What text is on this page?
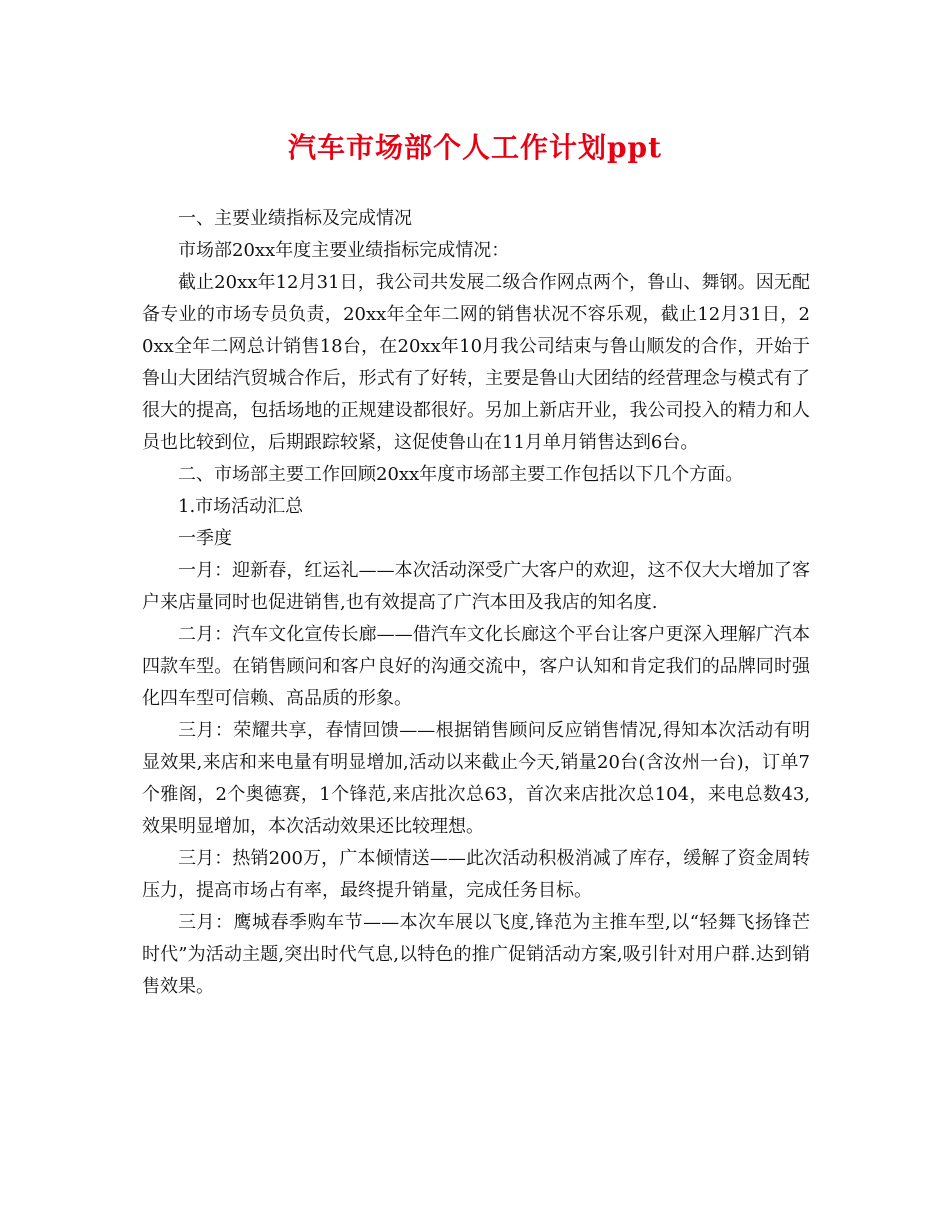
汽车市场部个人工作计划ppt

一、主要业绩指标及完成情况

市场部20xx年度主要业绩指标完成情况：

截止20xx年12月31日，我公司共发展二级合作网点两个，鲁山、舞钢。因无配备专业的市场专员负责，20xx年全年二网的销售状况不容乐观，截止12月31日，20xx全年二网总计销售18台，在20xx年10月我公司结束与鲁山顺发的合作，开始于鲁山大团结汽贸城合作后，形式有了好转，主要是鲁山大团结的经营理念与模式有了很大的提高，包括场地的正规建设都很好。另加上新店开业，我公司投入的精力和人员也比较到位，后期跟踪较紧，这促使鲁山在11月单月销售达到6台。

二、市场部主要工作回顾20xx年度市场部主要工作包括以下几个方面。

1.市场活动汇总

一季度

一月：迎新春，红运礼——本次活动深受广大客户的欢迎，这不仅大大增加了客户来店量同时也促进销售,也有效提高了广汽本田及我店的知名度.

二月：汽车文化宣传长廊——借汽车文化长廊这个平台让客户更深入理解广汽本四款车型。在销售顾问和客户良好的沟通交流中，客户认知和肯定我们的品牌同时强化四车型可信赖、高品质的形象。

三月：荣耀共享，春情回馈——根据销售顾问反应销售情况,得知本次活动有明显效果,来店和来电量有明显增加,活动以来截止今天,销量20台(含汝州一台)，订单7个雅阁，2个奥德赛，1个锋范,来店批次总63，首次来店批次总104，来电总数43,效果明显增加，本次活动效果还比较理想。

三月：热销200万，广本倾情送——此次活动积极消减了库存，缓解了资金周转压力，提高市场占有率，最终提升销量，完成任务目标。

三月：鹰城春季购车节——本次车展以飞度,锋范为主推车型,以“轻舞飞扬锋芒时代”为活动主题,突出时代气息,以特色的推广促销活动方案,吸引针对用户群.达到销售效果。
